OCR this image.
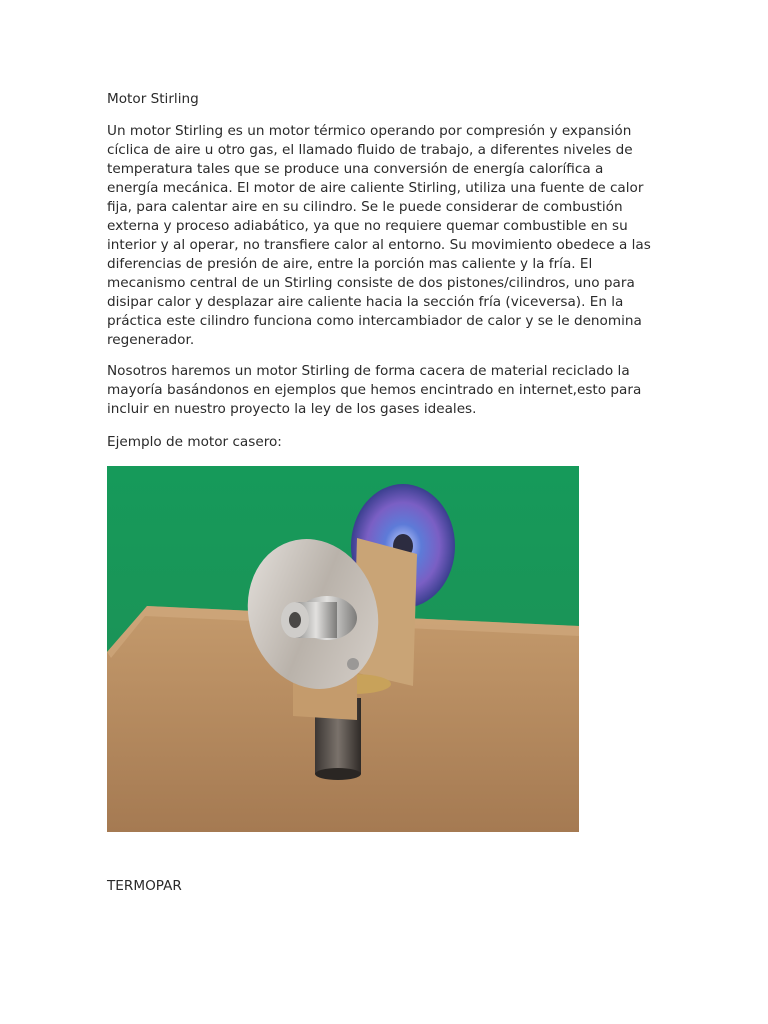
Motor Stirling

Un motor Stirling es un motor térmico operando por compresión y expansión
cíclica de aire u otro gas, el llamado fluido de trabajo, a diferentes niveles de
temperatura tales que se produce una conversión de energía calorífica a
energía mecánica. El motor de aire caliente Stirling, utiliza una fuente de calor
fija, para calentar aire en su cilindro. Se le puede considerar de combustión
externa y proceso adiabático, ya que no requiere quemar combustible en su
interior y al operar, no transfiere calor al entorno. Su movimiento obedece a las
diferencias de presión de aire, entre la porción mas caliente y la fría. El
mecanismo central de un Stirling consiste de dos pistones/cilindros, uno para
disipar calor y desplazar aire caliente hacia la sección fría (viceversa). En la
práctica este cilindro funciona como intercambiador de calor y se le denomina
regenerador.

Nosotros haremos un motor Stirling de forma cacera de material reciclado la
mayoría basándonos en ejemplos que hemos encintrado en internet,esto para
incluir en nuestro proyecto la ley de los gases ideales.

Ejemplo de motor casero:

TERMOPAR
